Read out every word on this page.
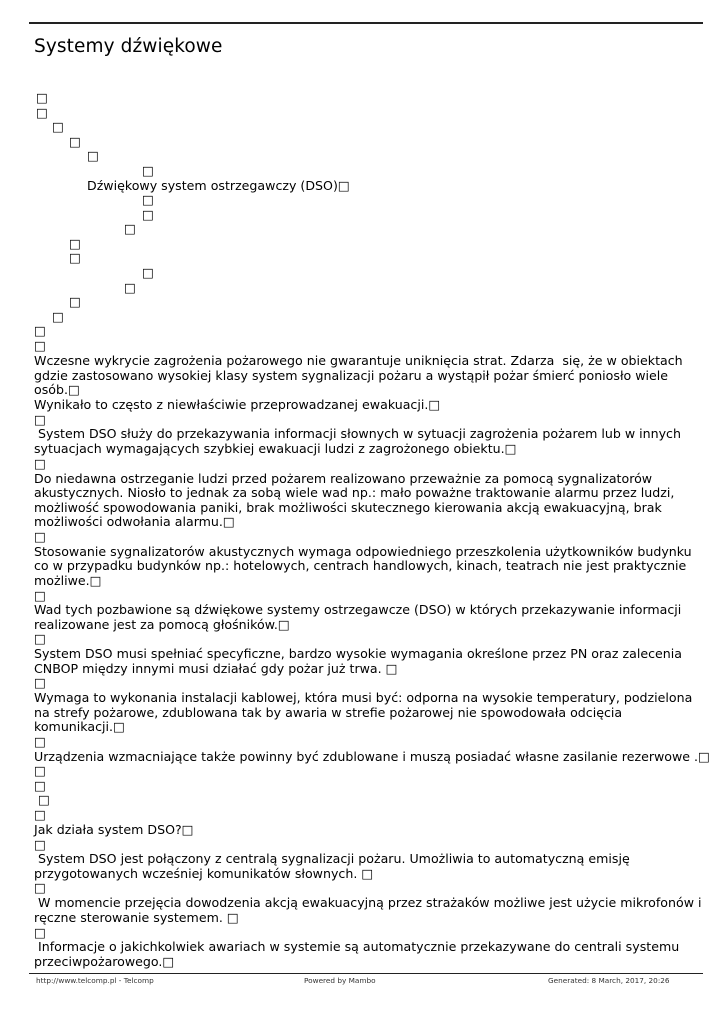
Systemy dźwiękowe

□

□

□

□

□

□

Dźwiękowy system ostrzegawczy (DSO)□

□

□

□

□

□

□

□

□

□

□

□

Wczesne wykrycie zagrożenia pożarowego nie gwarantuje uniknięcia strat. Zdarza  się, że w obiektach

gdzie zastosowano wysokiej klasy system sygnalizacji pożaru a wystąpił pożar śmierć poniosło wiele

osób.□

Wynikało to często z niewłaściwie przeprowadzanej ewakuacji.□

□

System DSO służy do przekazywania informacji słownych w sytuacji zagrożenia pożarem lub w innych

sytuacjach wymagających szybkiej ewakuacji ludzi z zagrożonego obiektu.□

□

Do niedawna ostrzeganie ludzi przed pożarem realizowano przeważnie za pomocą sygnalizatorów

akustycznych. Niosło to jednak za sobą wiele wad np.: mało poważne traktowanie alarmu przez ludzi,

możliwość spowodowania paniki, brak możliwości skutecznego kierowania akcją ewakuacyjną, brak

możliwości odwołania alarmu.□

□

Stosowanie sygnalizatorów akustycznych wymaga odpowiedniego przeszkolenia użytkowników budynku

co w przypadku budynków np.: hotelowych, centrach handlowych, kinach, teatrach nie jest praktycznie

możliwe.□

□

Wad tych pozbawione są dźwiękowe systemy ostrzegawcze (DSO) w których przekazywanie informacji

realizowane jest za pomocą głośników.□

□

System DSO musi spełniać specyficzne, bardzo wysokie wymagania określone przez PN oraz zalecenia

CNBOP między innymi musi działać gdy pożar już trwa. □

□

Wymaga to wykonania instalacji kablowej, która musi być: odporna na wysokie temperatury, podzielona

na strefy pożarowe, zdublowana tak by awaria w strefie pożarowej nie spowodowała odcięcia

komunikacji.□

□

Urządzenia wzmacniające także powinny być zdublowane i muszą posiadać własne zasilanie rezerwowe .□

□

□

□

□

Jak działa system DSO?□

□

System DSO jest połączony z centralą sygnalizacji pożaru. Umożliwia to automatyczną emisję

przygotowanych wcześniej komunikatów słownych. □

□

W momencie przejęcia dowodzenia akcją ewakuacyjną przez strażaków możliwe jest użycie mikrofonów i

ręczne sterowanie systemem. □

□

Informacje o jakichkolwiek awariach w systemie są automatycznie przekazywane do centrali systemu

przeciwpożarowego.□

http://www.telcomp.pl - Telcomp	Powered by Mambo	Generated: 8 March, 2017, 20:26
